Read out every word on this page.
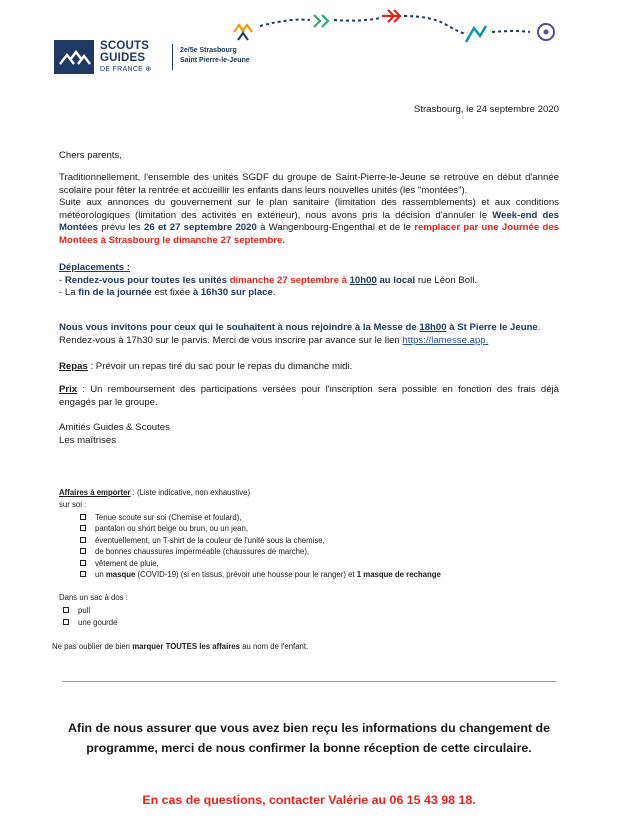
SCOUTS
GUIDES
DE FRANCE ⊕
2e/5e Strasbourg
Saint Pierre-le-Jeune
Strasbourg, le 24 septembre 2020
Chers parents,
Traditionnellement, l'ensemble des unités SGDF du groupe de Saint-Pierre-le-Jeune se retrouve en début d'année scolaire pour fêter la rentrée et accueillir les enfants dans leurs nouvelles unités (les "montées").
Suite aux annonces du gouvernement sur le plan sanitaire (limitation des rassemblements) et aux conditions météorologiques (limitation des activités en extérieur), nous avons pris la décision d'annuler le Week-end des Montées prévu les 26 et 27 septembre 2020 à Wangenbourg-Engenthal et de le remplacer par une Journée des Montées à Strasbourg le dimanche 27 septembre.
Déplacements :
- Rendez-vous pour toutes les unités dimanche 27 septembre à 10h00 au local rue Léon Boll.
- La fin de la journée est fixée à 16h30 sur place.
Nous vous invitons pour ceux qui le souhaitent à nous rejoindre à la Messe de 18h00 à St Pierre le Jeune.
Rendez-vous à 17h30 sur le parvis. Merci de vous inscrire par avance sur le lien https://lamesse.app.
Repas : Prévoir un repas tiré du sac pour le repas du dimanche midi.
Prix : Un remboursement des participations versées pour l'inscription sera possible en fonction des frais déjà engagés par le groupe.
Amitiés Guides & Scoutes
Les maîtrises
Affaires à emporter : (Liste indicative, non exhaustive)
sur soi :
Tenue scoute sur soi (Chemise et foulard),
pantalon ou short beige ou brun, ou un jean,
éventuellement, un T-shirt de la couleur de l'unité sous la chemise,
de bonnes chaussures imperméable (chaussures de marche),
vêtement de pluie,
un masque (COVID-19) (si en tissus, prévoir une housse pour le ranger) et 1 masque de rechange
Dans un sac à dos :
pull
une gourde
Ne pas oublier de bien marquer TOUTES les affaires au nom de l'enfant.
Afin de nous assurer que vous avez bien reçu les informations du changement de
programme, merci de nous confirmer la bonne réception de cette circulaire.
En cas de questions, contacter Valérie au 06 15 43 98 18.
